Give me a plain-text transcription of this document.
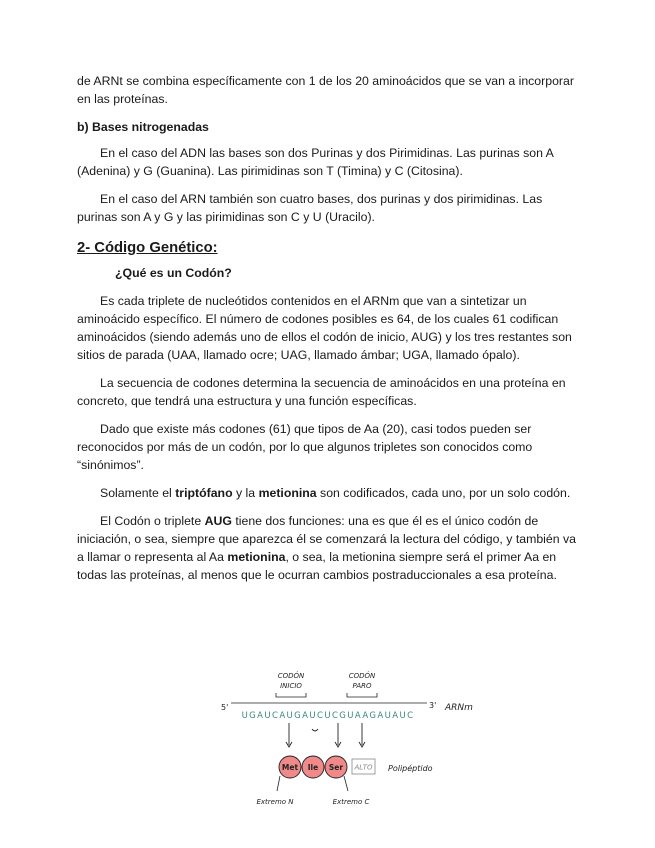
de ARNt se combina específicamente con 1 de los 20 aminoácidos que se van a incorporar en las proteínas.

b) Bases nitrogenadas

En el caso del ADN las bases son dos Purinas y dos Pirimidinas. Las purinas son A (Adenina) y G (Guanina). Las pirimidinas son T (Timina) y C (Citosina).

En el caso del ARN también son cuatro bases, dos purinas y dos pirimidinas. Las purinas son A y G y las pirimidinas son C y U (Uracilo).

2- Código Genético:
¿Qué es un Codón?

Es cada triplete de nucleótidos contenidos en el ARNm que van a sintetizar un aminoácido específico. El número de codones posibles es 64, de los cuales 61 codifican aminoácidos (siendo además uno de ellos el codón de inicio, AUG) y los tres restantes son sitios de parada (UAA, llamado ocre; UAG, llamado ámbar; UGA, llamado ópalo).

La secuencia de codones determina la secuencia de aminoácidos en una proteína en concreto, que tendrá una estructura y una función específicas.

Dado que existe más codones (61) que tipos de Aa (20), casi todos pueden ser reconocidos por más de un codón, por lo que algunos tripletes son conocidos como “sinónimos”.

Solamente el triptófano y la metionina son codificados, cada uno, por un solo codón.

El Codón o triplete AUG tiene dos funciones: una es que él es el único codón de iniciación, o sea, siempre que aparezca él se comenzará la lectura del código, y también va a llamar o representa al Aa metionina, o sea, la metionina siempre será el primer Aa en todas las proteínas, al menos que le ocurran cambios postraduccionales a esa proteína.

CODÓN
INICIO
CODÓN
PARO
5'	3' ARNm
UGAUCAUGAUCUCGUAAGAUAUC
Met Ile Ser ALTO Polipéptido
Extremo N	Extremo C
